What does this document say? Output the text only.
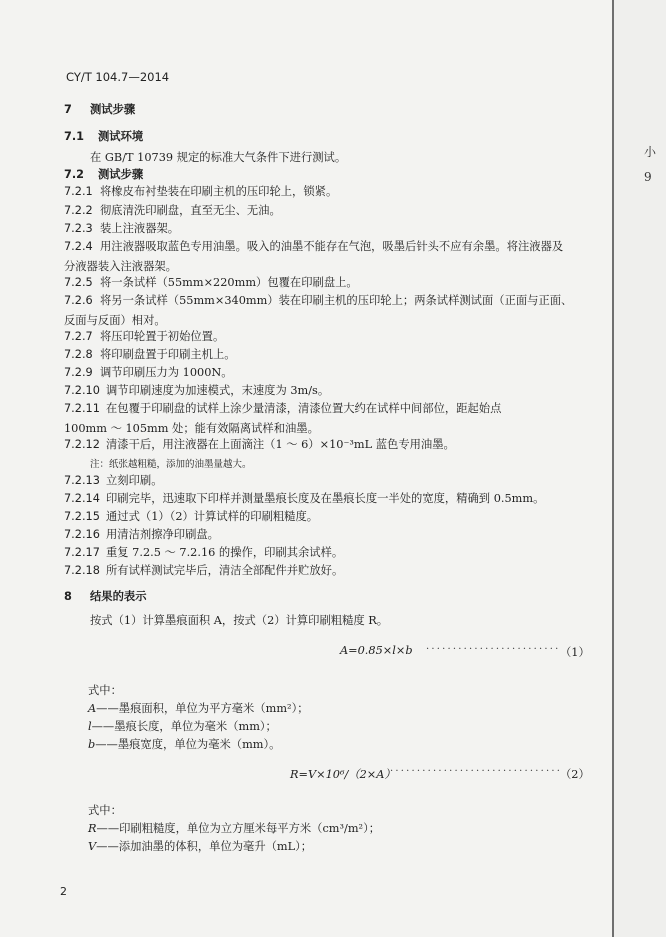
CY/T 104.7—2014
7 测试步骤
7.1 测试环境
在 GB/T 10739 规定的标准大气条件下进行测试。
7.2 测试步骤
7.2.1 将橡皮布衬垫装在印刷主机的压印轮上，锁紧。
7.2.2 彻底清洗印刷盘，直至无尘、无油。
7.2.3 装上注液器架。
7.2.4 用注液器吸取蓝色专用油墨。吸入的油墨不能存在气泡，吸墨后针头不应有余墨。将注液器及
分液器装入注液器架。
7.2.5 将一条试样（55mm×220mm）包覆在印刷盘上。
7.2.6 将另一条试样（55mm×340mm）装在印刷主机的压印轮上；两条试样测试面（正面与正面、
反面与反面）相对。
7.2.7 将压印轮置于初始位置。
7.2.8 将印刷盘置于印刷主机上。
7.2.9 调节印刷压力为 1000N。
7.2.10 调节印刷速度为加速模式，末速度为 3m/s。
7.2.11 在包覆于印刷盘的试样上涂少量清漆，清漆位置大约在试样中间部位，距起始点
100mm ～ 105mm 处；能有效隔离试样和油墨。
7.2.12 清漆干后，用注液器在上面滴注（1 ～ 6）×10⁻³mL 蓝色专用油墨。
注：纸张越粗糙，添加的油墨量越大。
7.2.13 立刻印刷。
7.2.14 印刷完毕，迅速取下印样并测量墨痕长度及在墨痕长度一半处的宽度，精确到 0.5mm。
7.2.15 通过式（1）（2）计算试样的印刷粗糙度。
7.2.16 用清洁剂擦净印刷盘。
7.2.17 重复 7.2.5 ～ 7.2.16 的操作，印刷其余试样。
7.2.18 所有试样测试完毕后，清洁全部配件并贮放好。
8 结果的表示
按式（1）计算墨痕面积 A，按式（2）计算印刷粗糙度 R。
A=0.85×l×b ························· （1）
式中：
A——墨痕面积，单位为平方毫米（mm²）；
l——墨痕长度，单位为毫米（mm）；
b——墨痕宽度，单位为毫米（mm）。
R=V×10⁶/（2×A）
································
（2）
式中：
R——印刷粗糙度，单位为立方厘米每平方米（cm³/m²）；
V——添加油墨的体积，单位为毫升（mL）；
2
小
9
